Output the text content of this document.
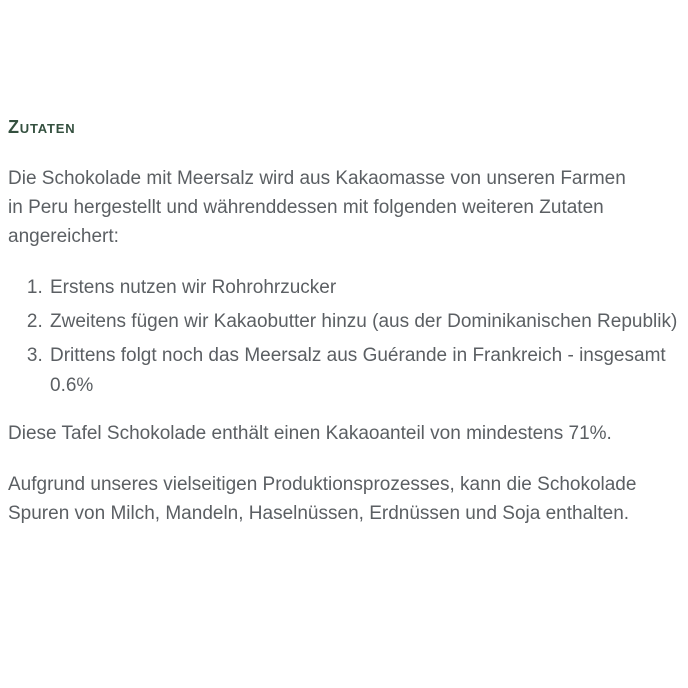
Zutaten

Die Schokolade mit Meersalz wird aus Kakaomasse von unseren Farmen in Peru hergestellt und währenddessen mit folgenden weiteren Zutaten angereichert:

1. Erstens nutzen wir Rohrohrzucker
2. Zweitens fügen wir Kakaobutter hinzu (aus der Dominikanischen Republik)
3. Drittens folgt noch das Meersalz aus Guérande in Frankreich - insgesamt 0.6%

Diese Tafel Schokolade enthält einen Kakaoanteil von mindestens 71%.

Aufgrund unseres vielseitigen Produktionsprozesses, kann die Schokolade Spuren von Milch, Mandeln, Haselnüssen, Erdnüssen und Soja enthalten.
